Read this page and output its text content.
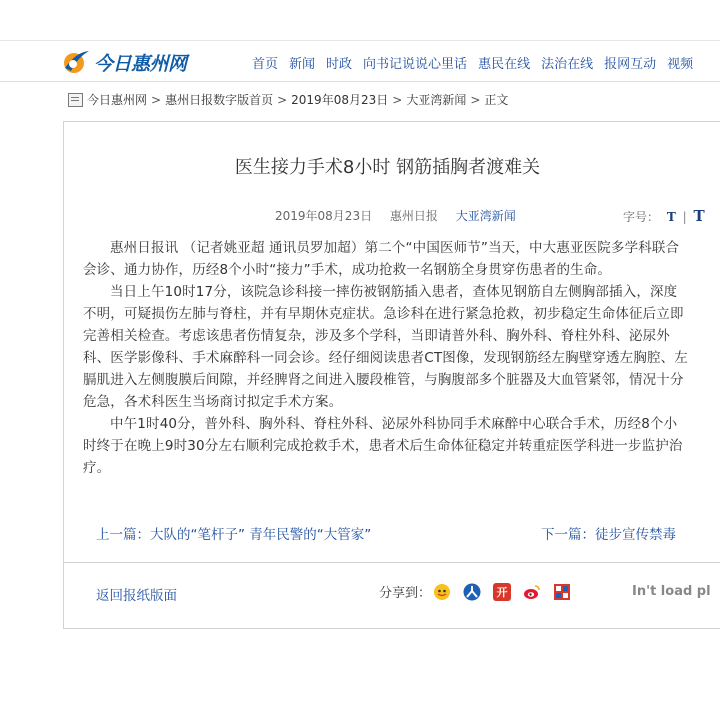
今日惠州网	首页 新闻 时政 向书记说说心里话 惠民在线 法治在线 报网互动 视频
今日惠州网 > 惠州日报数字版首页 > 2019年08月23日 > 大亚湾新闻 > 正文
医生接力手术8小时 钢筋插胸者渡难关
2019年08月23日 惠州日报 大亚湾新闻	字号： T | T

惠州日报讯 （记者姚亚超 通讯员罗加超）第二个“中国医师节”当天，中大惠亚医院多学科联合会诊、通力协作，历经8个小时“接力”手术，成功抢救一名钢筋全身贯穿伤患者的生命。

当日上午10时17分，该院急诊科接一摔伤被钢筋插入患者，查体见钢筋自左侧胸部插入，深度不明，可疑损伤左肺与脊柱，并有早期休克症状。急诊科在进行紧急抢救，初步稳定生命体征后立即完善相关检查。考虑该患者伤情复杂，涉及多个学科，当即请普外科、胸外科、脊柱外科、泌尿外科、医学影像科、手术麻醉科一同会诊。经仔细阅读患者CT图像，发现钢筋经左胸壁穿透左胸腔、左膈肌进入左侧腹膜后间隙，并经脾肾之间进入腰段椎管，与胸腹部多个脏器及大血管紧邻，情况十分危急，各术科医生当场商讨拟定手术方案。

中午1时40分，普外科、胸外科、脊柱外科、泌尿外科协同手术麻醉中心联合手术，历经8个小时终于在晚上9时30分左右顺利完成抢救手术，患者术后生命体征稳定并转重症医学科进一步监护治疗。

上一篇：大队的“笔杆子” 青年民警的“大管家”	下一篇：徒步宣传禁毒
返回报纸版面	分享到：	开	In't load pl
